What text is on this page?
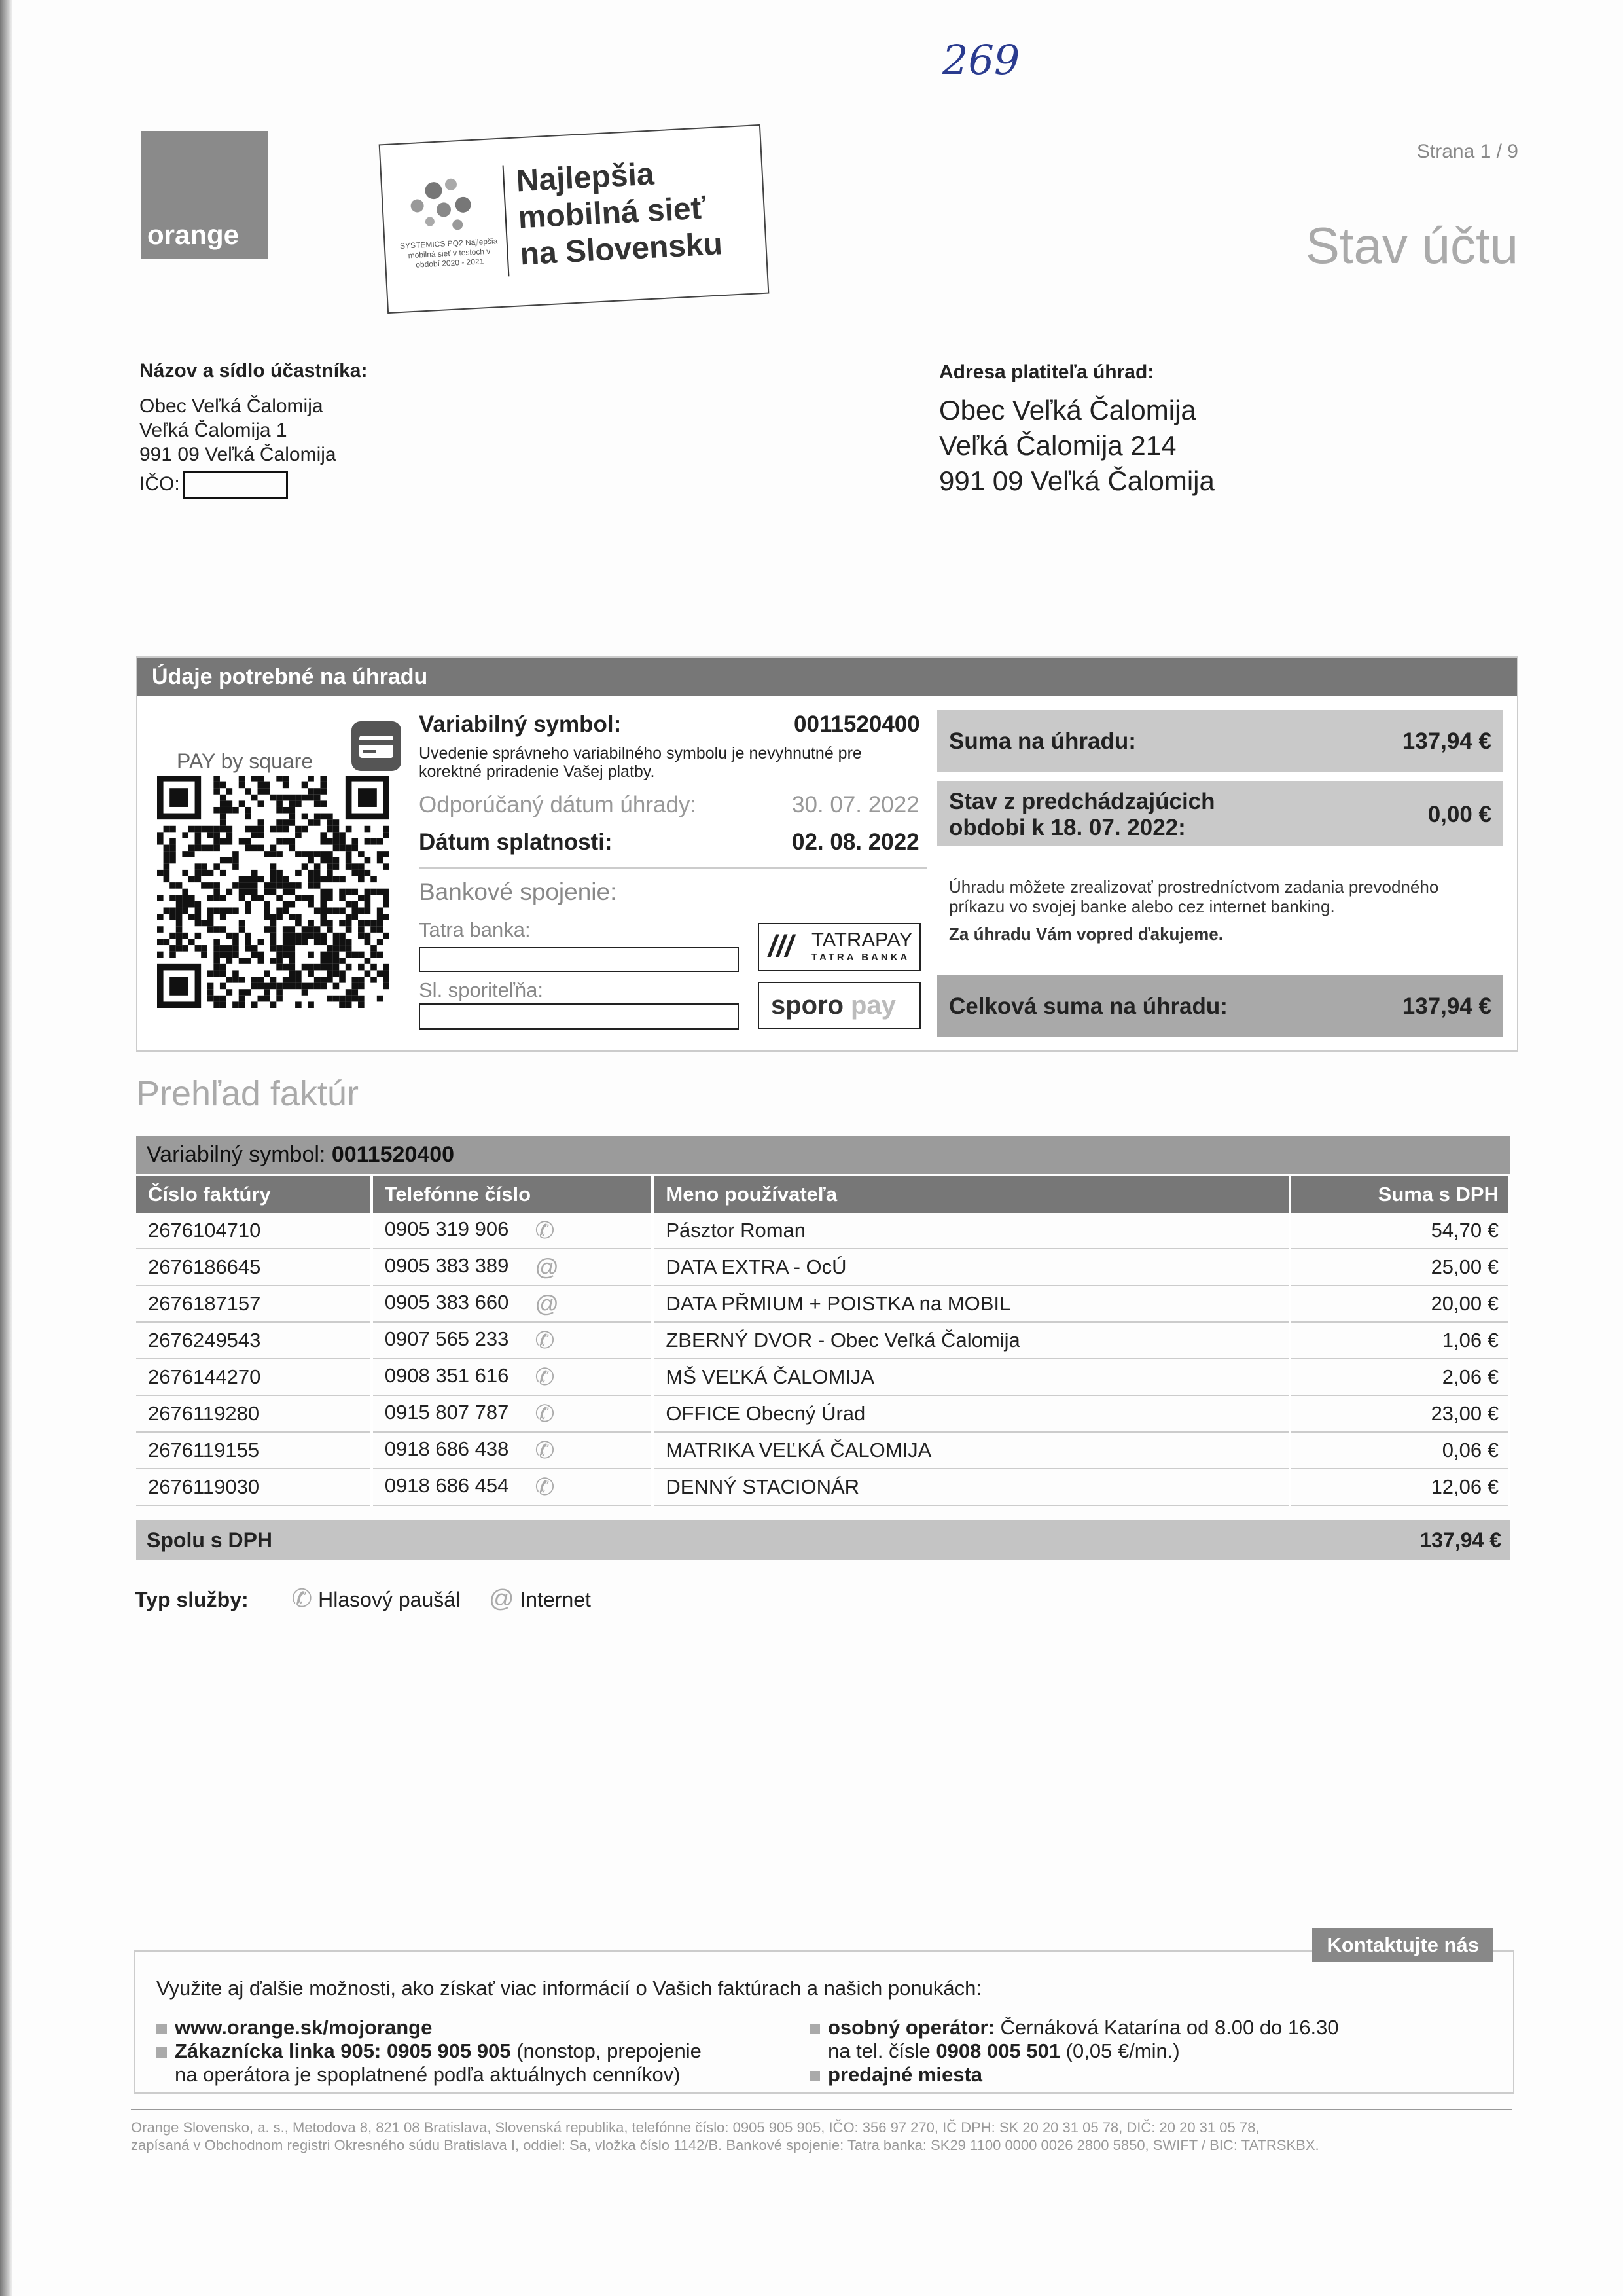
269
orange	SYSTEMICS PQ2 Najlepšia mobilná sieť v testoch v období 2020 - 2021
Najlepšia
mobilná sieť
na Slovensku
Strana 1 / 9
Stav účtu
Názov a sídlo účastníka:
Obec Veľká Čalomija
Veľká Čalomija 1
991 09 Veľká Čalomija
IČO:
Adresa platiteľa úhrad:
Obec Veľká Čalomija
Veľká Čalomija 214
991 09 Veľká Čalomija
Údaje potrebné na úhradu
PAY by square
Variabilný symbol:	0011520400
Uvedenie správneho variabilného symbolu je nevyhnutné pre korektné priradenie Vašej platby.
Odporúčaný dátum úhrady:	30. 07. 2022
Dátum splatnosti:	02. 08. 2022
Bankové spojenie:
Tatra banka:
Sl. sporiteľňa:
/// TATRAPAY
TATRA BANKA
sporo pay
Suma na úhradu:	137,94 €
Stav z predchádzajúcich obdobi k 18. 07. 2022:
0,00 €
Úhradu môžete zrealizovať prostredníctvom zadania prevodného príkazu vo svojej banke alebo cez internet banking.
Za úhradu Vám vopred ďakujeme.
Celková suma na úhradu:	137,94 €
Prehľad faktúr
Variabilný symbol: 0011520400
Číslo faktúry	Telefónne číslo	Meno používateľa	Suma s DPH
2676104710	0905 319 906 ✆	Pásztor Roman	54,70 €
2676186645	0905 383 389 @	DATA EXTRA - OcÚ	25,00 €
2676187157	0905 383 660 @	DATA PŘMIUM + POISTKA na MOBIL	20,00 €
2676249543	0907 565 233 ✆	ZBERNÝ DVOR - Obec Veľká Čalomija	1,06 €
2676144270	0908 351 616 ✆	MŠ VEĽKÁ ČALOMIJA	2,06 €
2676119280	0915 807 787 ✆	OFFICE Obecný Úrad	23,00 €
2676119155	0918 686 438 ✆	MATRIKA VEĽKÁ ČALOMIJA	0,06 €
2676119030	0918 686 454 ✆	DENNÝ STACIONÁR	12,06 €
Spolu s DPH	137,94 €
Typ služby: ✆ Hlasový paušál @ Internet
Kontaktujte nás
Využite aj ďalšie možnosti, ako získať viac informácií o Vašich faktúrach a našich ponukách:
www.orange.sk/mojorange
Zákaznícka linka 905: 0905 905 905 (nonstop, prepojenie
na operátora je spoplatnené podľa aktuálnych cenníkov)
osobný operátor: Černáková Katarína od 8.00 do 16.30
na tel. čísle 0908 005 501 (0,05 €/min.)
predajné miesta
Orange Slovensko, a. s., Metodova 8, 821 08 Bratislava, Slovenská republika, telefónne číslo: 0905 905 905, IČO: 356 97 270, IČ DPH: SK 20 20 31 05 78, DIČ: 20 20 31 05 78,
zapísaná v Obchodnom registri Okresného súdu Bratislava I, oddiel: Sa, vložka číslo 1142/B. Bankové spojenie: Tatra banka: SK29 1100 0000 0026 2800 5850, SWIFT / BIC: TATRSKBX.
